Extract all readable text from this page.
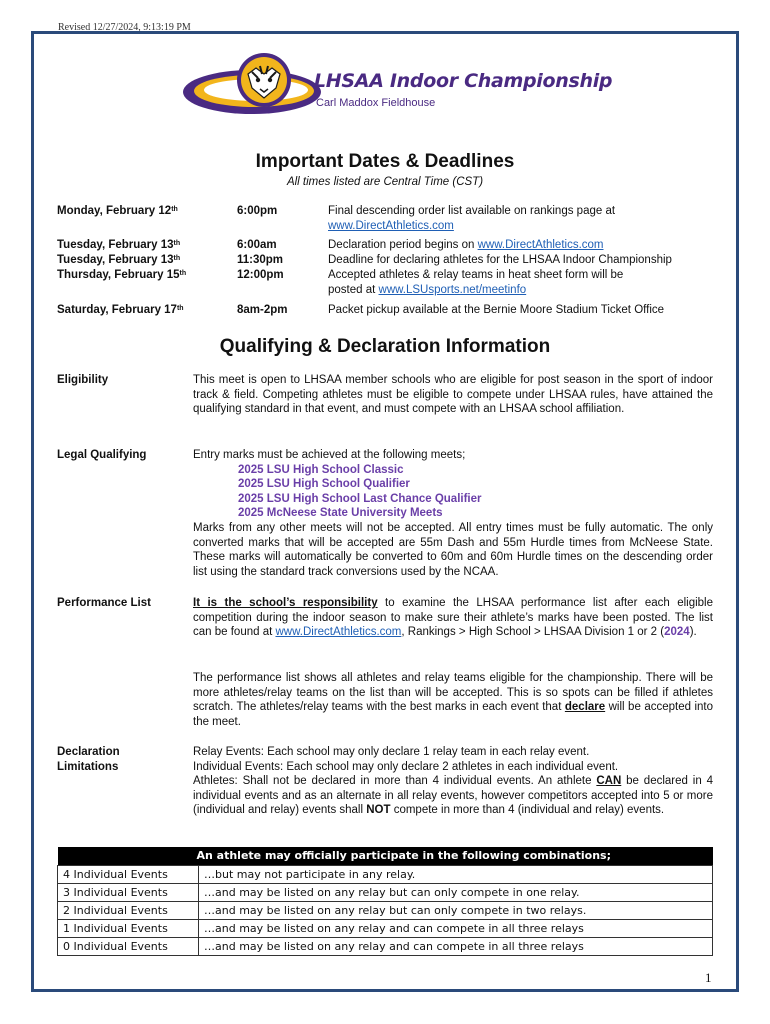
Revised 12/27/2024, 9:13:19 PM
LHSAA Indoor Championship
Carl Maddox Fieldhouse
Important Dates & Deadlines
All times listed are Central Time (CST)
Monday, February 12th	6:00pm	Final descending order list available on rankings page at
www.DirectAthletics.com
Tuesday, February 13th	6:00am	Declaration period begins on www.DirectAthletics.com
Tuesday, February 13th	11:30pm	Deadline for declaring athletes for the LHSAA Indoor Championship
Thursday, February 15th	12:00pm	Accepted athletes & relay teams in heat sheet form will be
posted at www.LSUsports.net/meetinfo
Saturday, February 17th	8am-2pm	Packet pickup available at the Bernie Moore Stadium Ticket Office
Qualifying & Declaration Information
Eligibility	This meet is open to LHSAA member schools who are eligible for post season in the sport of indoor track & field. Competing athletes must be eligible to compete under LHSAA rules, have attained the qualifying standard in that event, and must compete with an LHSAA school affiliation.
Legal Qualifying	Entry marks must be achieved at the following meets;
2025 LSU High School Classic
2025 LSU High School Qualifier
2025 LSU High School Last Chance Qualifier
2025 McNeese State University Meets
Marks from any other meets will not be accepted. All entry times must be fully automatic. The only converted marks that will be accepted are 55m Dash and 55m Hurdle times from McNeese State. These marks will automatically be converted to 60m and 60m Hurdle times on the descending order list using the standard track conversions used by the NCAA.
Performance List	It is the school’s responsibility to examine the LHSAA performance list after each eligible competition during the indoor season to make sure their athlete’s marks have been posted. The list can be found at www.DirectAthletics.com, Rankings > High School > LHSAA Division 1 or 2 (2024).
The performance list shows all athletes and relay teams eligible for the championship. There will be more athletes/relay teams on the list than will be accepted. This is so spots can be filled if athletes scratch. The athletes/relay teams with the best marks in each event that declare will be accepted into the meet.
Declaration
Limitations
Relay Events: Each school may only declare 1 relay team in each relay event.
Individual Events: Each school may only declare 2 athletes in each individual event.
Athletes: Shall not be declared in more than 4 individual events. An athlete CAN be declared in 4 individual events and as an alternate in all relay events, however competitors accepted into 5 or more (individual and relay) events shall NOT compete in more than 4 (individual and relay) events.
An athlete may officially participate in the following combinations;	
4 Individual Events	…but may not participate in any relay.
3 Individual Events	…and may be listed on any relay but can only compete in one relay.
2 Individual Events	…and may be listed on any relay but can only compete in two relays.
1 Individual Events	…and may be listed on any relay and can compete in all three relays
0 Individual Events	…and may be listed on any relay and can compete in all three relays
1
